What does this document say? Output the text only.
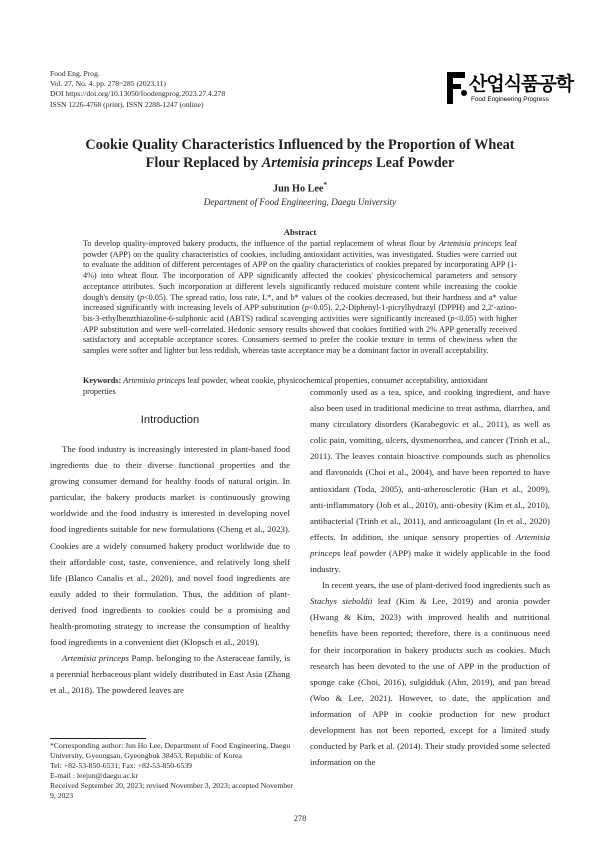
Food Eng. Prog.
Vol. 27, No. 4. pp. 278~285 (2023.11)
DOI https://doi.org/10.13050/foodengprog.2023.27.4.278
ISSN 1226-4768 (print), ISSN 2288-1247 (online)
산업식품공학
Food Engineering Progress
Cookie Quality Characteristics Influenced by the Proportion of Wheat
Flour Replaced by Artemisia princeps Leaf Powder
Jun Ho Lee*
Department of Food Engineering, Daegu University
Abstract
To develop quality-improved bakery products, the influence of the partial replacement of wheat flour by Artemisia princeps leaf powder (APP) on the quality characteristics of cookies, including antioxidant activities, was investigated. Studies were carried out to evaluate the addition of different percentages of APP on the quality characteristics of cookies prepared by incorporating APP (1-4%) into wheat flour. The incorporation of APP significantly affected the cookies' physicochemical parameters and sensory acceptance attributes. Such incorporation at different levels significantly reduced moisture content while increasing the cookie dough's density (p<0.05). The spread ratio, loss rate, L*, and b* values of the cookies decreased, but their hardness and a* value increased significantly with increasing levels of APP substitution (p<0.05). 2,2-Diphenyl-1-picrylhydrazyl (DPPH) and 2,2′-azino-bis-3-ethylbenzthiazoline-6-sulphonic acid (ABTS) radical scavenging activities were significantly increased (p<0.05) with higher APP substitution and were well-correlated. Hedonic sensory results showed that cookies fortified with 2% APP generally received satisfactory and acceptable acceptance scores. Consumers seemed to prefer the cookie texture in terms of chewiness when the samples were softer and lighter but less reddish, whereas taste acceptance may be a dominant factor in overall acceptability.
Keywords: Artemisia princeps leaf powder, wheat cookie, physicochemical properties, consumer acceptability, antioxidant properties
Introduction

The food industry is increasingly interested in plant-based food ingredients due to their diverse functional properties and the growing consumer demand for healthy foods of natural origin. In particular, the bakery products market is continuously growing worldwide and the food industry is interested in developing novel food ingredients suitable for new formulations (Cheng et al., 2023). Cookies are a widely consumed bakery product worldwide due to their affordable cost, taste, convenience, and relatively long shelf life (Blanco Canalis et al., 2020), and novel food ingredients are easily added to their formulation. Thus, the addition of plant-derived food ingredients to cookies could be a promising and health-promoting strategy to increase the consumption of healthy food ingredients in a convenient diet (Klopsch et al., 2019).

Artemisia princeps Pamp. belonging to the Asteraceae family, is a perennial herbaceous plant widely distributed in East Asia (Zhang et al., 2018). The powdered leaves are

commonly used as a tea, spice, and cooking ingredient, and have also been used in traditional medicine to treat asthma, diarrhea, and many circulatory disorders (Karabegovic et al., 2011), as well as colic pain, vomiting, ulcers, dysmenorrhea, and cancer (Trinh et al., 2011). The leaves contain bioactive compounds such as phenolics and flavonoids (Choi et al., 2004), and have been reported to have antioxidant (Toda, 2005), anti-atherosclerotic (Han et al., 2009), anti-inflammatory (Joh et al., 2010), anti-obesity (Kim et al., 2010), antibacterial (Trinh et al., 2011), and anticoagulant (In et al., 2020) effects. In addition, the unique sensory properties of Artemisia princeps leaf powder (APP) make it widely applicable in the food industry.

In recent years, the use of plant-derived food ingredients such as Stachys sieboldii leaf (Kim & Lee, 2019) and aronia powder (Hwang & Kim, 2023) with improved health and nutritional benefits have been reported; therefore, there is a continuous need for their incorporation in bakery products such as cookies. Much research has been devoted to the use of APP in the production of sponge cake (Choi, 2016), sulgidduk (Ahn, 2019), and pan bread (Woo & Lee, 2021). However, to date, the application and information of APP in cookie production for new product development has not been reported, except for a limited study conducted by Park et al. (2014). Their study provided some selected information on the

*Corresponding author: Jun Ho Lee, Department of Food Engineering, Daegu University, Gyeongsan, Gyeongbuk 38453, Republic of Korea
Tel: +82-53-850-6531; Fax: +82-53-850-6539
E-mail : leejun@daegu.ac.kr
Received September 20, 2023; revised November 3, 2023; accepted November 9, 2023
278
